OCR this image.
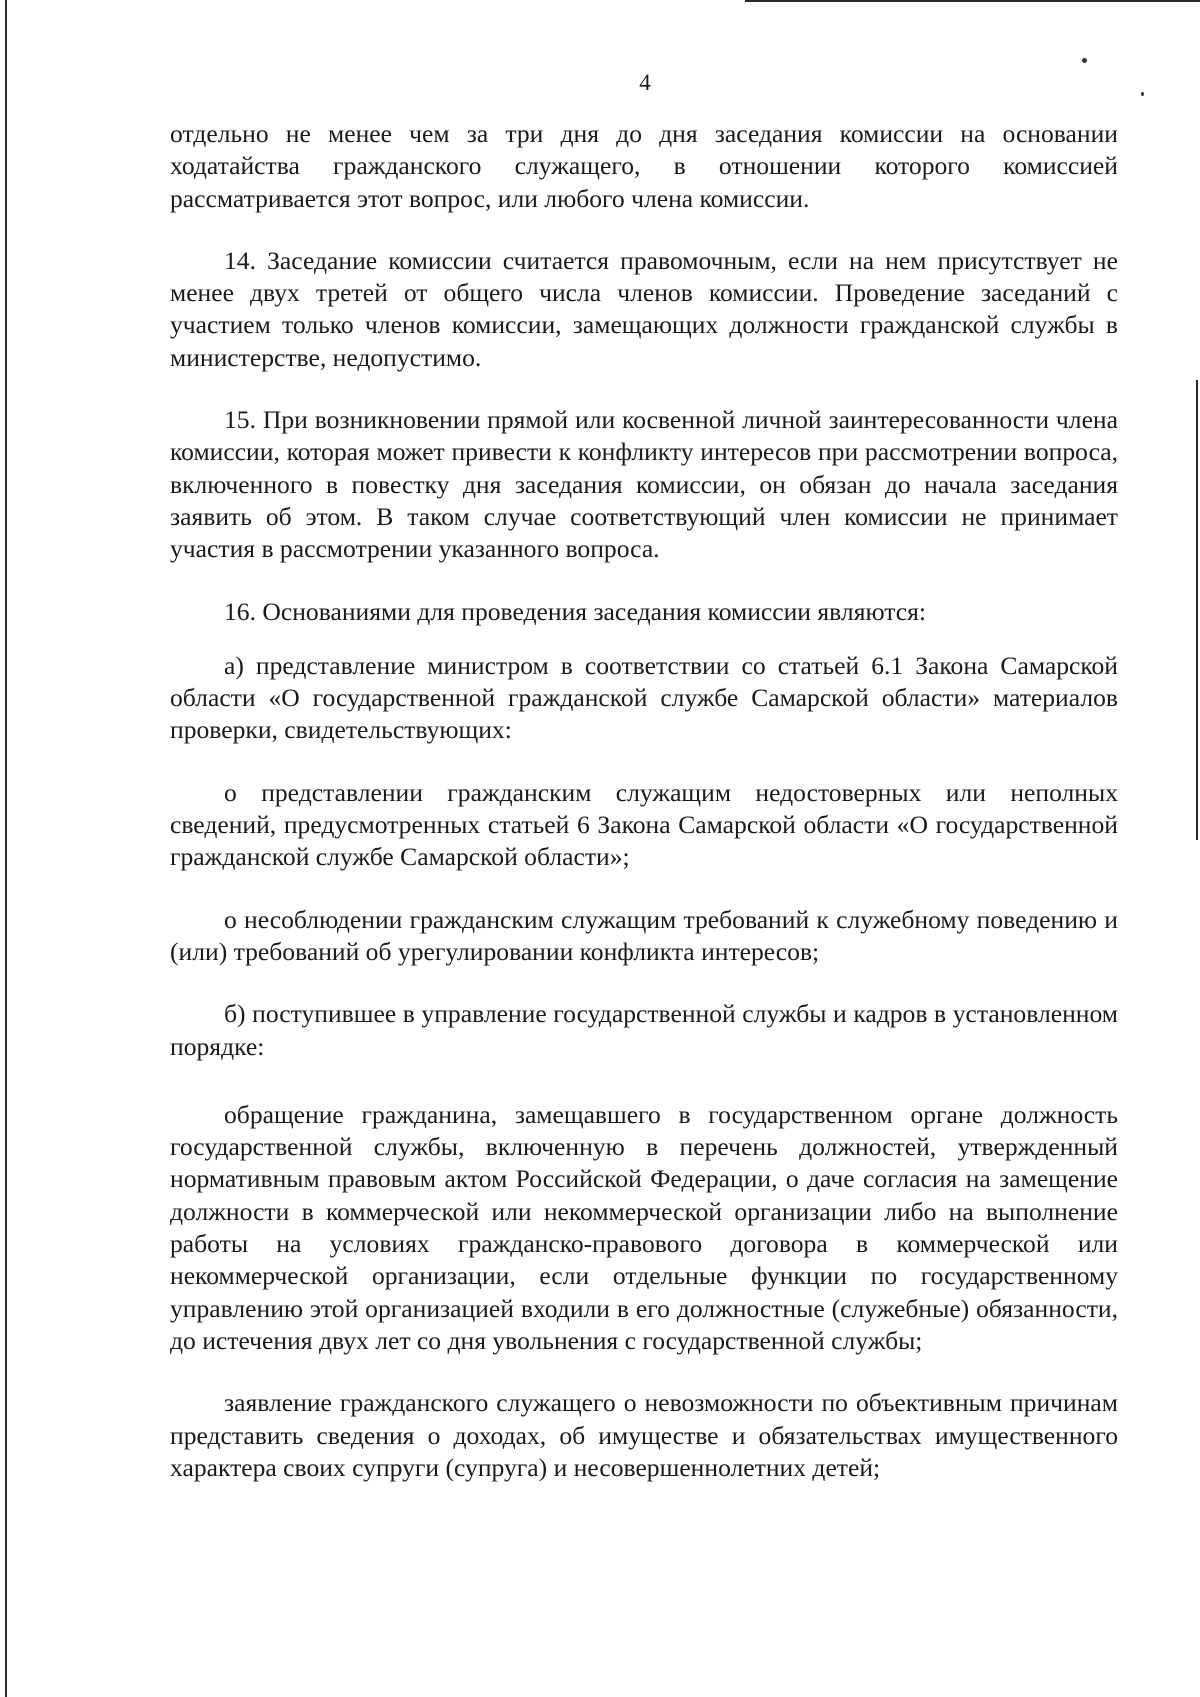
4

отдельно не менее чем за три дня до дня заседания комиссии на основании ходатайства гражданского служащего, в отношении которого комиссией рассматривается этот вопрос, или любого члена комиссии.

14. Заседание комиссии считается правомочным, если на нем присутствует не менее двух третей от общего числа членов комиссии. Проведение заседаний с участием только членов комиссии, замещающих должности гражданской службы в министерстве, недопустимо.

15. При возникновении прямой или косвенной личной заинтересованности члена комиссии, которая может привести к конфликту интересов при рассмотрении вопроса, включенного в повестку дня заседания комиссии, он обязан до начала заседания заявить об этом. В таком случае соответствующий член комиссии не принимает участия в рассмотрении указанного вопроса.

16. Основаниями для проведения заседания комиссии являются:

а) представление министром в соответствии со статьей 6.1 Закона Самарской области «О государственной гражданской службе Самарской области» материалов проверки, свидетельствующих:

о представлении гражданским служащим недостоверных или неполных сведений, предусмотренных статьей 6 Закона Самарской области «О государственной гражданской службе Самарской области»;

о несоблюдении гражданским служащим требований к служебному поведению и (или) требований об урегулировании конфликта интересов;

б) поступившее в управление государственной службы и кадров в установленном порядке:

обращение гражданина, замещавшего в государственном органе должность государственной службы, включенную в перечень должностей, утвержденный нормативным правовым актом Российской Федерации, о даче согласия на замещение должности в коммерческой или некоммерческой организации либо на выполнение работы на условиях гражданско-правового договора в коммерческой или некоммерческой организации, если отдельные функции по государственному управлению этой организацией входили в его должностные (служебные) обязанности, до истечения двух лет со дня увольнения с государственной службы;

заявление гражданского служащего о невозможности по объективным причинам представить сведения о доходах, об имуществе и обязательствах имущественного характера своих супруги (супруга) и несовершеннолетних детей;
